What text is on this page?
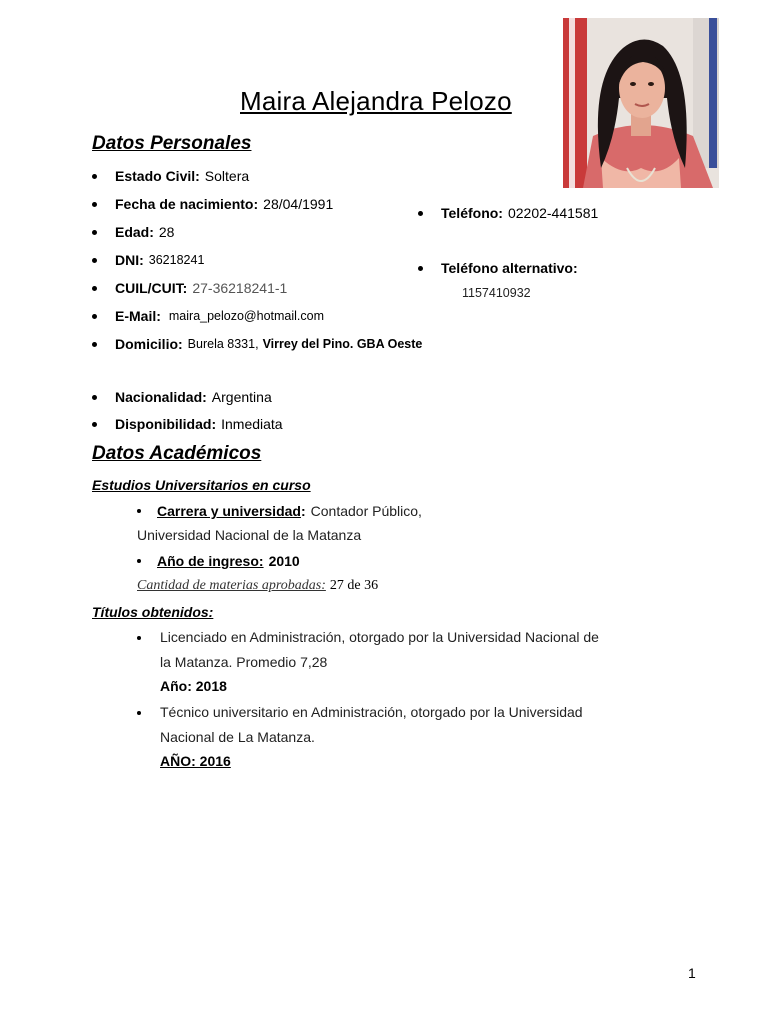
Maira Alejandra Pelozo
Datos Personales
Estado Civil: Soltera
Fecha de nacimiento: 28/04/1991
Edad: 28
DNI: 36218241
CUIL/CUIT: 27-36218241-1
E-Mail: maira_pelozo@hotmail.com
Domicilio: Burela 8331, Virrey del Pino. GBA Oeste
Nacionalidad: Argentina
Disponibilidad: Inmediata
Teléfono: 02202-441581
Teléfono alternativo:
1157410932
Datos Académicos
Estudios Universitarios en curso
Carrera y universidad : Contador Público,
Universidad Nacional de la Matanza
Año de ingreso: 2010
Cantidad de materias aprobadas: 27 de 36
Títulos obtenidos:
Licenciado en Administración, otorgado por la Universidad Nacional de
la Matanza. Promedio 7,28
Año: 2018
Técnico universitario en Administración, otorgado por la Universidad
Nacional de La Matanza.
AÑO: 2016
1
